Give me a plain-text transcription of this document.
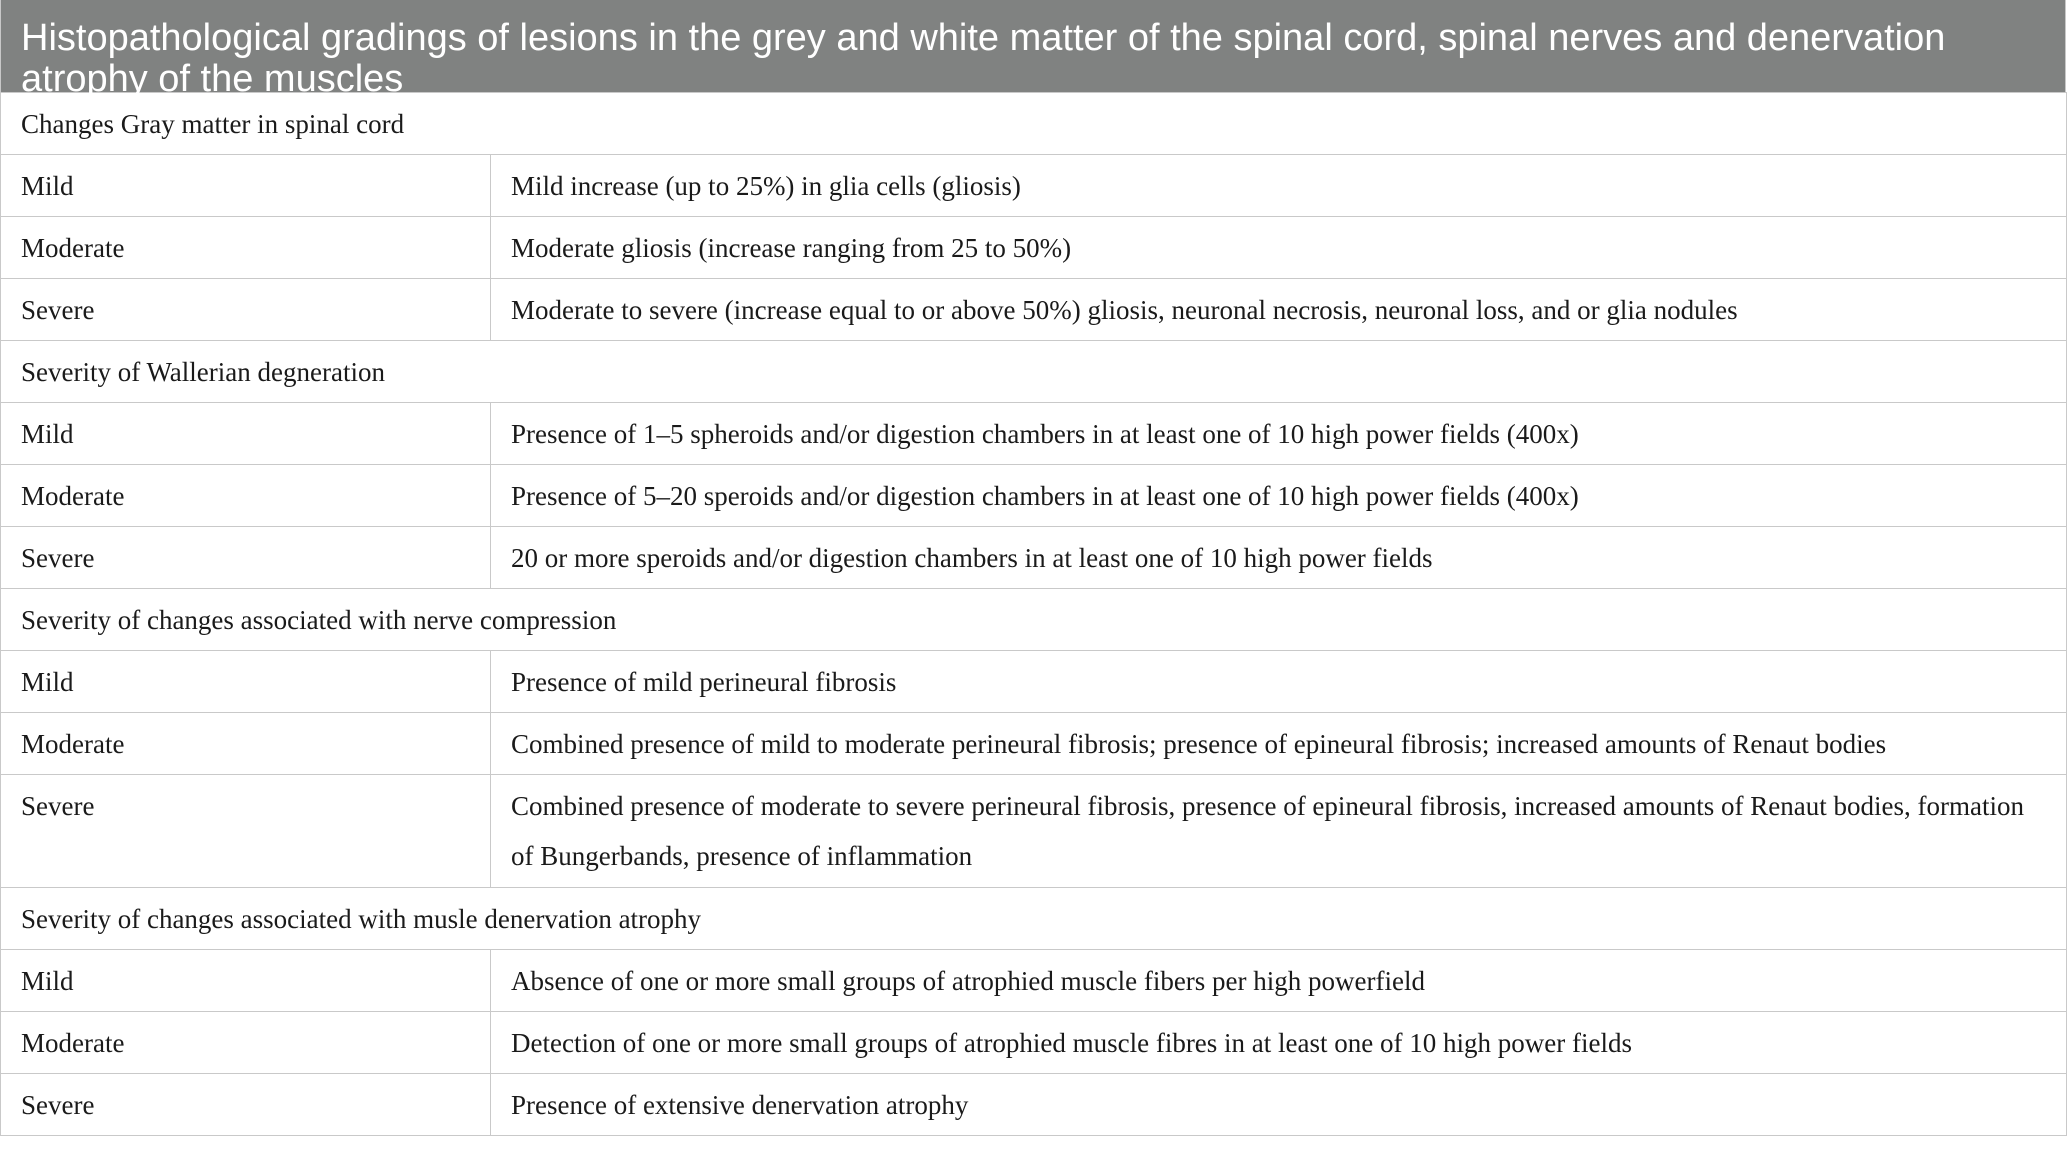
Histopathological gradings of lesions in the grey and white matter of the spinal cord, spinal nerves and denervation atrophy of the muscles
Changes Gray matter in spinal cord	
Mild	Mild increase (up to 25%) in glia cells (gliosis)
Moderate	Moderate gliosis (increase ranging from 25 to 50%)
Severe	Moderate to severe (increase equal to or above 50%) gliosis, neuronal necrosis, neuronal loss, and or glia nodules
Severity of Wallerian degneration	
Mild	Presence of 1–5 spheroids and/or digestion chambers in at least one of 10 high power fields (400x)
Moderate	Presence of 5–20 speroids and/or digestion chambers in at least one of 10 high power fields (400x)
Severe	20 or more speroids and/or digestion chambers in at least one of 10 high power fields
Severity of changes associated with nerve compression	
Mild	Presence of mild perineural fibrosis
Moderate	Combined presence of mild to moderate perineural fibrosis; presence of epineural fibrosis; increased amounts of Renaut bodies
Severe	Combined presence of moderate to severe perineural fibrosis, presence of epineural fibrosis, increased amounts of Renaut bodies, formation of Bungerbands, presence of inflammation
Severity of changes associated with musle denervation atrophy	
Mild	Absence of one or more small groups of atrophied muscle fibers per high powerfield
Moderate	Detection of one or more small groups of atrophied muscle fibres in at least one of 10 high power fields
Severe	Presence of extensive denervation atrophy
